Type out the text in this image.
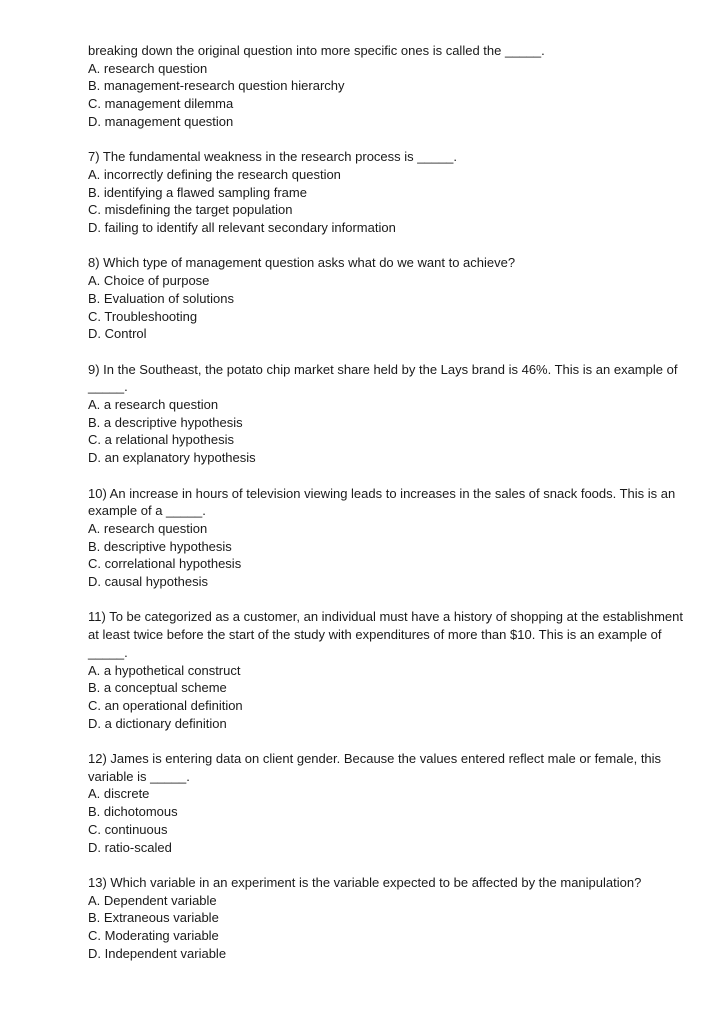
breaking down the original question into more specific ones is called the _____.
A. research question
B. management-research question hierarchy
C. management dilemma
D. management question
7) The fundamental weakness in the research process is _____.
A. incorrectly defining the research question
B. identifying a flawed sampling frame
C. misdefining the target population
D. failing to identify all relevant secondary information
8) Which type of management question asks what do we want to achieve?
A. Choice of purpose
B. Evaluation of solutions
C. Troubleshooting
D. Control
9) In the Southeast, the potato chip market share held by the Lays brand is 46%. This is an example of _____.
A. a research question
B. a descriptive hypothesis
C. a relational hypothesis
D. an explanatory hypothesis
10) An increase in hours of television viewing leads to increases in the sales of snack foods. This is an example of a _____.
A. research question
B. descriptive hypothesis
C. correlational hypothesis
D. causal hypothesis
11) To be categorized as a customer, an individual must have a history of shopping at the establishment at least twice before the start of the study with expenditures of more than $10. This is an example of _____.
A. a hypothetical construct
B. a conceptual scheme
C. an operational definition
D. a dictionary definition
12) James is entering data on client gender. Because the values entered reflect male or female, this variable is _____.
A. discrete
B. dichotomous
C. continuous
D. ratio-scaled
13) Which variable in an experiment is the variable expected to be affected by the manipulation?
A. Dependent variable
B. Extraneous variable
C. Moderating variable
D. Independent variable
